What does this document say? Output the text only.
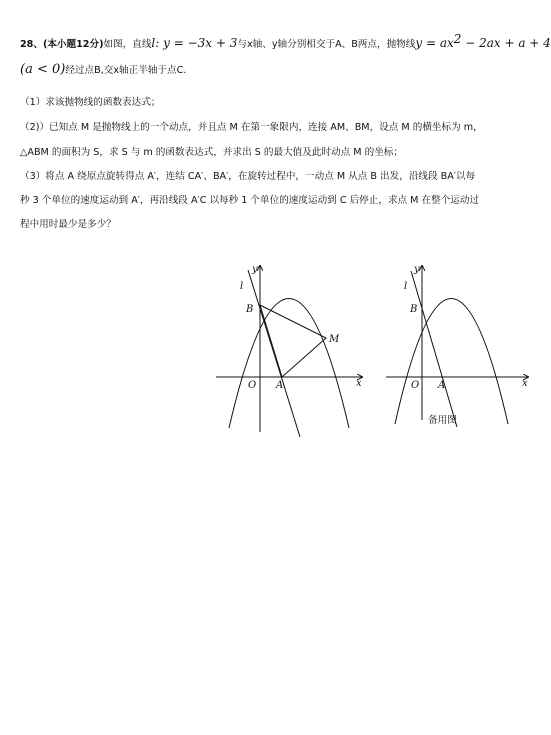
28、(本小题12分)如图，直线l: y = −3x + 3与x轴、y轴分别相交于A、B两点，抛物线$y = ax^2 - 2ax + a + 4$
(a < 0)经过点B,交x轴正半轴于点C.
（1）求该抛物线的函数表达式；
（2)）已知点 M 是抛物线上的一个动点，并且点 M 在第一象限内，连接 AM、BM，设点 M 的横坐标为 m，
△ABM 的面积为 S，求 S 与 m 的函数表达式，并求出 S 的最大值及此时动点 M 的坐标；
（3）将点 A 绕原点旋转得点 A′，连结 CA′、BA′，在旋转过程中，一动点 M 从点 B 出发，沿线段 BA′以每
秒 3 个单位的速度运动到 A′，再沿线段 A′C 以每秒 1 个单位的速度运动到 C 后停止，求点 M 在整个运动过
程中用时最少是多少？
y
x
l
B
M
O A
y
x
l
B
O A
备用图
